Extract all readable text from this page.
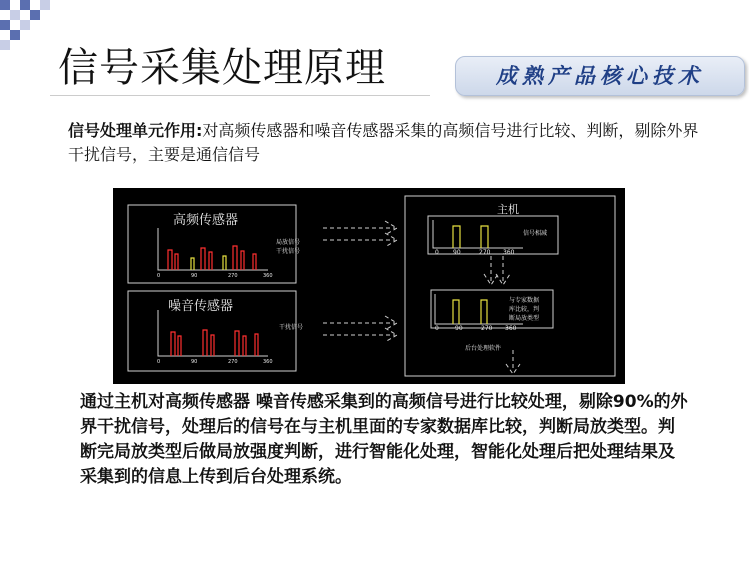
信号采集处理原理	成熟产品核心技术
信号处理单元作用:对高频传感器和噪音传感器采集的高频信号进行比较、判断，剔除外界干扰信号，主要是通信信号
高频传感器
局放信号
干扰信号
0	90	270	360
噪音传感器
干扰信号
0	90	270	360
主机
信号相减
0 90	270 360
0	90	270 360
与专家数据
库比较，判
断局放类型
后台处理软件
通过主机对高频传感器 噪音传感采集到的高频信号进行比较处理，剔除90%的外界干扰信号，处理后的信号在与主机里面的专家数据库比较，判断局放类型。判断完局放类型后做局放强度判断，进行智能化处理，智能化处理后把处理结果及采集到的信息上传到后台处理系统。
